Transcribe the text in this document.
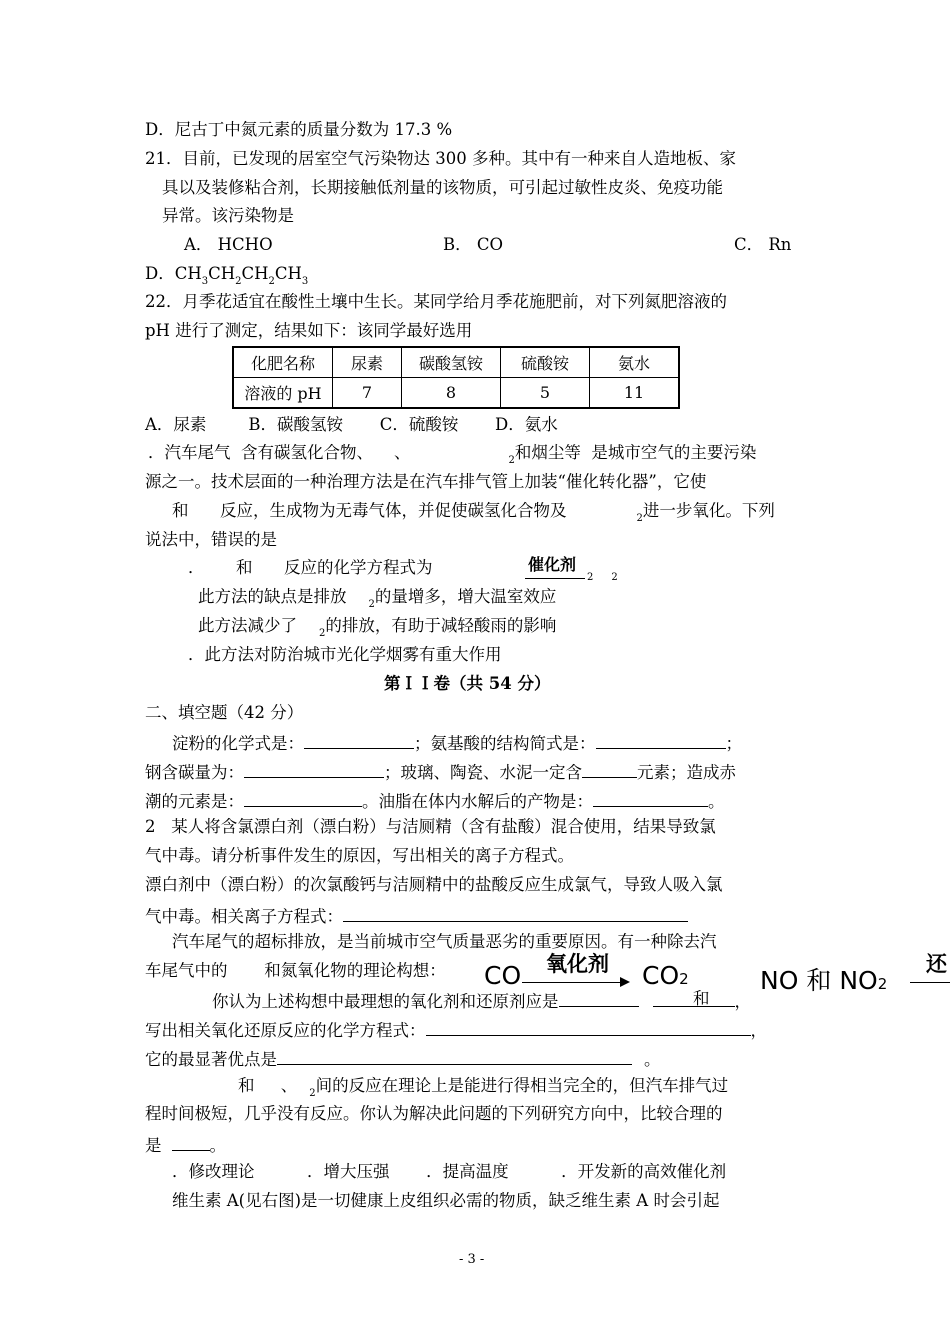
D．尼古丁中氮元素的质量分数为 17.3 %
21．目前，已发现的居室空气污染物达 300 多种。其中有一种来自人造地板、家
具以及装修粘合剂，长期接触低剂量的该物质，可引起过敏性皮炎、免疫功能
异常。该污染物是
A． HCHO	B． CO	C． Rn
D．$CH_3CH_2CH_2CH_3$
22．月季花适宜在酸性土壤中生长。某同学给月季花施肥前，对下列氮肥溶液的
pH 进行了测定，结果如下：该同学最好选用
化肥名称	尿素	碳酸氢铵	硫酸铵	氨水
溶液的 pH	7	8	5	11
A．尿素        B．碳酸氢铵       C．硫酸铵       D．氨水
．汽车尾气  含有碳氢化合物、    、	$_2$和烟尘等  是城市空气的主要污染
源之一。技术层面的一种治理方法是在汽车排气管上加装“催化转化器”，它使
和      反应，生成物为无毒气体，并促使碳氢化合物及	$_2$进一步氧化。下列
说法中，错误的是
．      和      反应的化学方程式为	催化剂
2 2
此方法的缺点是排放 $_2$的量增多，增大温室效应
此方法减少了 $_2$的排放，有助于减轻酸雨的影响
．此方法对防治城市光化学烟雾有重大作用
第ＩＩ卷（共 54 分）
二、填空题（42 分）
淀粉的化学式是：	；氨基酸的结构简式是：	；
钢含碳量为：	；玻璃、陶瓷、水泥一定含	元素；造成赤
潮的元素是：	。油脂在体内水解后的产物是：	。
2   某人将含氯漂白剂（漂白粉）与洁厕精（含有盐酸）混合使用，结果导致氯
气中毒。请分析事件发生的原因，写出相关的离子方程式。
漂白剂中（漂白粉）的次氯酸钙与洁厕精中的盐酸反应生成氯气，导致人吸入氯
气中毒。相关离子方程式：
汽车尾气的超标排放，是当前城市空气质量恶劣的重要原因。有一种除去汽
车尾气中的       和氮氧化物的理论构想： CO 氧化剂 CO2
和
NO 和 NO2
还
你认为上述构想中最理想的氧化剂和还原剂应是	，
写出相关氧化还原反应的化学方程式：	，
它的最显著优点是	。
和     、 $_2$间的反应在理论上是能进行得相当完全的，但汽车排气过
程时间极短，几乎没有反应。你认为解决此问题的下列研究方向中，比较合理的
是	。
．修改理论          ．增大压强       ．提高温度          ．开发新的高效催化剂
维生素 A(见右图)是一切健康上皮组织必需的物质，缺乏维生素 A 时会引起
- 3 -
